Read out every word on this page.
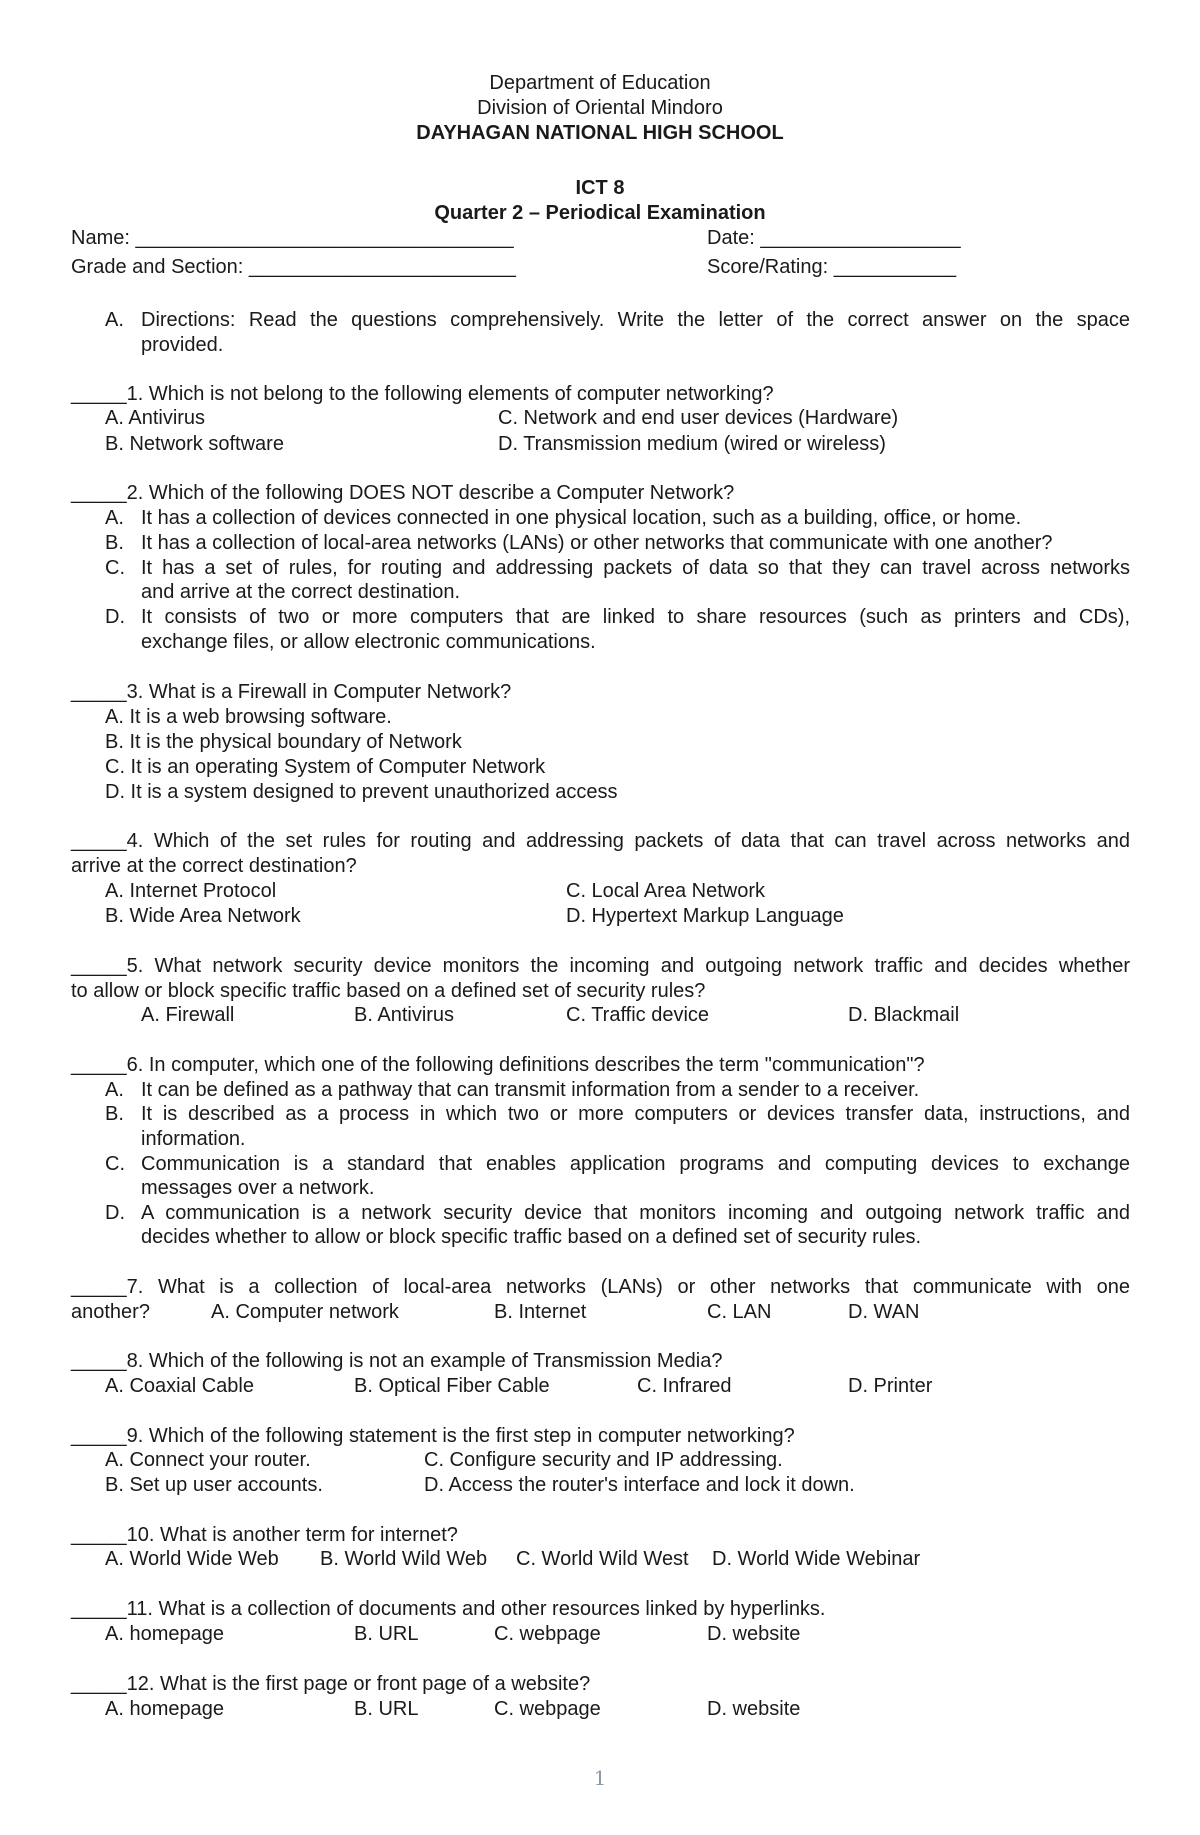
Department of Education
Division of Oriental Mindoro
DAYHAGAN NATIONAL HIGH SCHOOL
ICT 8
Quarter 2 – Periodical Examination
Name: __________________________________	Date: __________________
Grade and Section: ________________________	Score/Rating: ___________
A. Directions: Read the questions comprehensively. Write the letter of the correct answer on the space
provided.
_____1. Which is not belong to the following elements of computer networking?
A. Antivirus	C. Network and end user devices (Hardware)
B. Network software	D. Transmission medium (wired or wireless)
_____2. Which of the following DOES NOT describe a Computer Network?
A. It has a collection of devices connected in one physical location, such as a building, office, or home.
B. It has a collection of local-area networks (LANs) or other networks that communicate with one another?
C. It has a set of rules, for routing and addressing packets of data so that they can travel across networks
and arrive at the correct destination.
D. It consists of two or more computers that are linked to share resources (such as printers and CDs),
exchange files, or allow electronic communications.
_____3. What is a Firewall in Computer Network?
A. It is a web browsing software.
B. It is the physical boundary of Network
C. It is an operating System of Computer Network
D. It is a system designed to prevent unauthorized access
_____4. Which of the set rules for routing and addressing packets of data that can travel across networks and
arrive at the correct destination?
A. Internet Protocol	C. Local Area Network
B. Wide Area Network	D. Hypertext Markup Language
_____5. What network security device monitors the incoming and outgoing network traffic and decides whether
to allow or block specific traffic based on a defined set of security rules?
A. Firewall	B. Antivirus	C. Traffic device	D. Blackmail
_____6. In computer, which one of the following definitions describes the term "communication"?
A. It can be defined as a pathway that can transmit information from a sender to a receiver.
B. It is described as a process in which two or more computers or devices transfer data, instructions, and
information.
C. Communication is a standard that enables application programs and computing devices to exchange
messages over a network.
D. A communication is a network security device that monitors incoming and outgoing network traffic and
decides whether to allow or block specific traffic based on a defined set of security rules.
_____7. What is a collection of local-area networks (LANs) or other networks that communicate with one
another?	A. Computer network	B. Internet	C. LAN	D. WAN
_____8. Which of the following is not an example of Transmission Media?
A. Coaxial Cable	B. Optical Fiber Cable	C. Infrared	D. Printer
_____9. Which of the following statement is the first step in computer networking?
A. Connect your router.	C. Configure security and IP addressing.
B. Set up user accounts.	D. Access the router's interface and lock it down.
_____10. What is another term for internet?
A. World Wide Web B. World Wild Web C. World Wild West D. World Wide Webinar
_____11. What is a collection of documents and other resources linked by hyperlinks.
A. homepage	B. URL	C. webpage	D. website
_____12. What is the first page or front page of a website?
A. homepage	B. URL	C. webpage	D. website
1
